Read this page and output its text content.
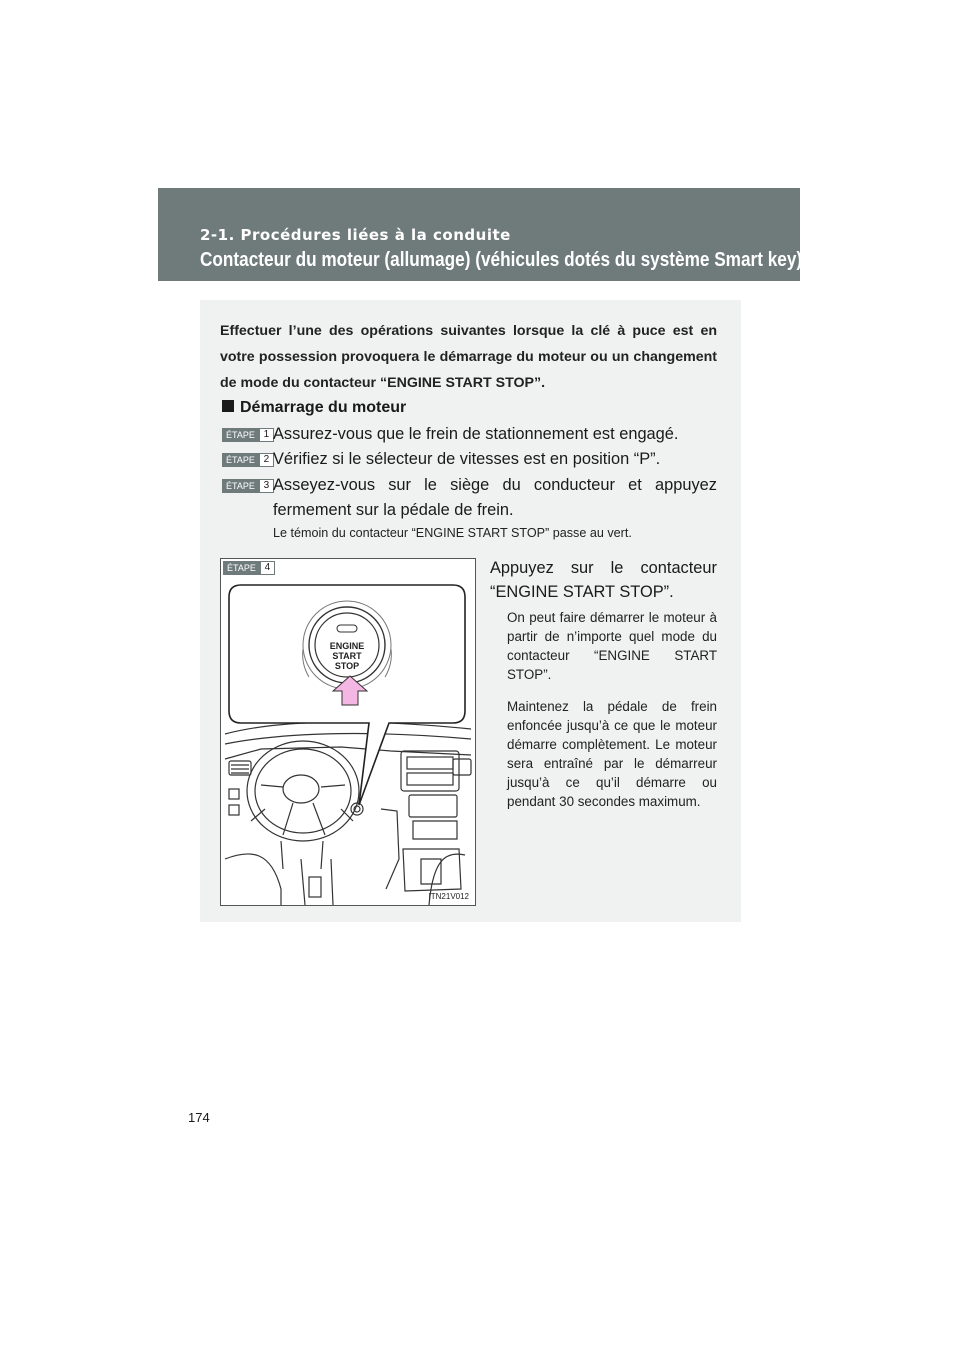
2-1. Procédures liées à la conduite
Contacteur du moteur (allumage) (véhicules dotés du système Smart key)
Effectuer l’une des opérations suivantes lorsque la clé à puce est en votre possession provoquera le démarrage du moteur ou un changement de mode du contacteur “ENGINE START STOP”.
Démarrage du moteur
ÉTAPE 1 Assurez-vous que le frein de stationnement est engagé.
ÉTAPE 2 Vérifiez si le sélecteur de vitesses est en position “P”.
ÉTAPE 3 Asseyez-vous sur le siège du conducteur et appuyez fermement sur la pédale de frein.
Le témoin du contacteur “ENGINE START STOP” passe au vert.
ÉTAPE 4
ENGINE
START
STOP
ITN21V012
Appuyez sur le contacteur “ENGINE START STOP”.
On peut faire démarrer le moteur à partir de n’importe quel mode du contacteur “ENGINE START STOP”.
Maintenez la pédale de frein enfoncée jusqu’à ce que le moteur démarre complètement. Le moteur sera entraîné par le démarreur jusqu’à ce qu’il démarre ou pendant 30 secondes maximum.
174
